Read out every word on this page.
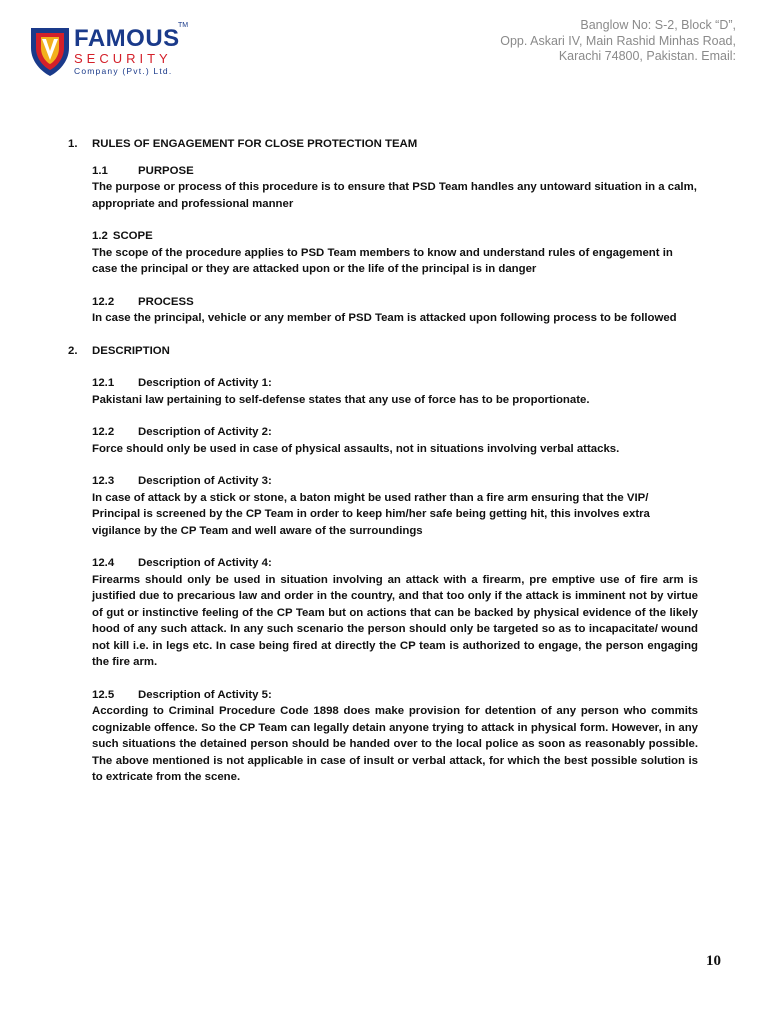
FAMOUS
SECURITY
Company (Pvt.) Ltd.
TM	Banglow No: S-2, Block “D”,
Opp. Askari IV, Main Rashid Minhas Road,
Karachi 74800, Pakistan. Email:
1.	RULES OF ENGAGEMENT FOR CLOSE PROTECTION TEAM
1.1	PURPOSE
The purpose or process of this procedure is to ensure that PSD Team handles any untoward situation in a calm, appropriate and professional manner
1.2 SCOPE
The scope of the procedure applies to PSD Team members to know and understand rules of engagement in case the principal or they are attacked upon or the life of the principal is in danger
12.2	PROCESS
In case the principal, vehicle or any member of PSD Team is attacked upon following process to be followed
2.	DESCRIPTION
12.1	Description of Activity 1:
Pakistani law pertaining to self-defense states that any use of force has to be proportionate.
12.2	Description of Activity 2:
Force should only be used in case of physical assaults, not in situations involving verbal attacks.
12.3	Description of Activity 3:
In case of attack by a stick or stone, a baton might be used rather than a fire arm ensuring that the VIP/ Principal is screened by the CP Team in order to keep him/her safe being getting hit, this involves extra vigilance by the CP Team and well aware of the surroundings
12.4	Description of Activity 4:
Firearms should only be used in situation involving an attack with a firearm, pre emptive use of fire arm is justified due to precarious law and order in the country, and that too only if the attack is imminent not by virtue of gut or instinctive feeling of the CP Team but on actions that can be backed by physical evidence of the likely hood of any such attack. In any such scenario the person should only be targeted so as to incapacitate/ wound not kill i.e. in legs etc. In case being fired at directly the CP team is authorized to engage, the person engaging the fire arm.
12.5	Description of Activity 5:
According to Criminal Procedure Code 1898 does make provision for detention of any person who commits cognizable offence. So the CP Team can legally detain anyone trying to attack in physical form. However, in any such situations the detained person should be handed over to the local police as soon as reasonably possible. The above mentioned is not applicable in case of insult or verbal attack, for which the best possible solution is to extricate from the scene.
10
